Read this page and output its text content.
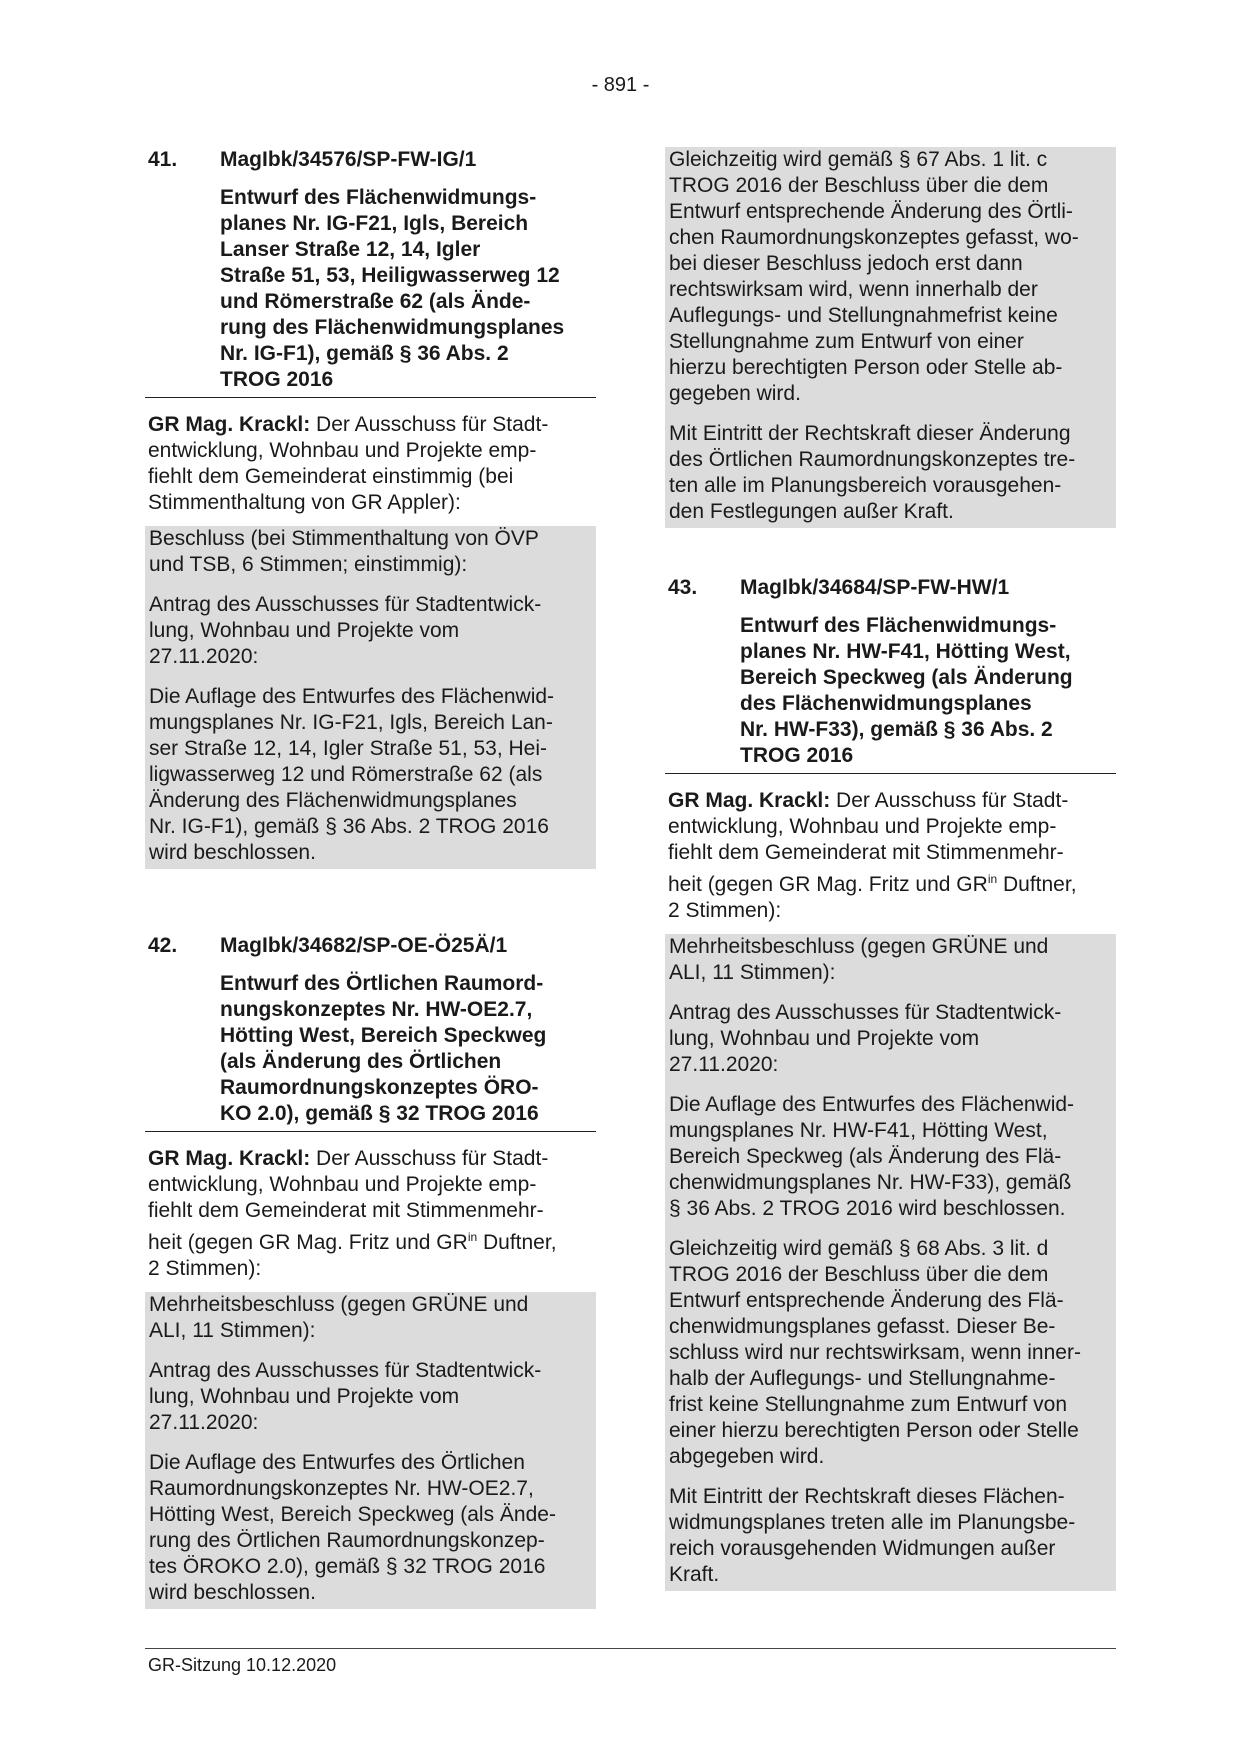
- 891 -
41. MagIbk/34576/SP-FW-IG/1
Entwurf des Flächenwidmungs-
planes Nr. IG-F21, Igls, Bereich
Lanser Straße 12, 14, Igler
Straße 51, 53, Heiligwasserweg 12
und Römerstraße 62 (als Ände-
rung des Flächenwidmungsplanes
Nr. IG-F1), gemäß § 36 Abs. 2
TROG 2016

GR Mag. Krackl: Der Ausschuss für Stadt-
entwicklung, Wohnbau und Projekte emp-
fiehlt dem Gemeinderat einstimmig (bei
Stimmenthaltung von GR Appler):

Beschluss (bei Stimmenthaltung von ÖVP
und TSB, 6 Stimmen; einstimmig):

Antrag des Ausschusses für Stadtentwick-
lung, Wohnbau und Projekte vom
27.11.2020:

Die Auflage des Entwurfes des Flächenwid-
mungsplanes Nr. IG-F21, Igls, Bereich Lan-
ser Straße 12, 14, Igler Straße 51, 53, Hei-
ligwasserweg 12 und Römerstraße 62 (als
Änderung des Flächenwidmungsplanes
Nr. IG-F1), gemäß § 36 Abs. 2 TROG 2016
wird beschlossen.

42. MagIbk/34682/SP-OE-Ö25Ä/1
Entwurf des Örtlichen Raumord-
nungskonzeptes Nr. HW-OE2.7,
Hötting West, Bereich Speckweg
(als Änderung des Örtlichen
Raumordnungskonzeptes ÖRO-
KO 2.0), gemäß § 32 TROG 2016

GR Mag. Krackl: Der Ausschuss für Stadt-
entwicklung, Wohnbau und Projekte emp-
fiehlt dem Gemeinderat mit Stimmenmehr-
heit (gegen GR Mag. Fritz und $GR^{in}$ Duftner,
2 Stimmen):

Mehrheitsbeschluss (gegen GRÜNE und
ALI, 11 Stimmen):

Antrag des Ausschusses für Stadtentwick-
lung, Wohnbau und Projekte vom
27.11.2020:

Die Auflage des Entwurfes des Örtlichen
Raumordnungskonzeptes Nr. HW-OE2.7,
Hötting West, Bereich Speckweg (als Ände-
rung des Örtlichen Raumordnungskonzep-
tes ÖROKO 2.0), gemäß § 32 TROG 2016
wird beschlossen.

Gleichzeitig wird gemäß § 67 Abs. 1 lit. c
TROG 2016 der Beschluss über die dem
Entwurf entsprechende Änderung des Örtli-
chen Raumordnungskonzeptes gefasst, wo-
bei dieser Beschluss jedoch erst dann
rechtswirksam wird, wenn innerhalb der
Auflegungs- und Stellungnahmefrist keine
Stellungnahme zum Entwurf von einer
hierzu berechtigten Person oder Stelle ab-
gegeben wird.

Mit Eintritt der Rechtskraft dieser Änderung
des Örtlichen Raumordnungskonzeptes tre-
ten alle im Planungsbereich vorausgehen-
den Festlegungen außer Kraft.

43. MagIbk/34684/SP-FW-HW/1
Entwurf des Flächenwidmungs-
planes Nr. HW-F41, Hötting West,
Bereich Speckweg (als Änderung
des Flächenwidmungsplanes
Nr. HW-F33), gemäß § 36 Abs. 2
TROG 2016

GR Mag. Krackl: Der Ausschuss für Stadt-
entwicklung, Wohnbau und Projekte emp-
fiehlt dem Gemeinderat mit Stimmenmehr-
heit (gegen GR Mag. Fritz und $GR^{in}$ Duftner,
2 Stimmen):

Mehrheitsbeschluss (gegen GRÜNE und
ALI, 11 Stimmen):

Antrag des Ausschusses für Stadtentwick-
lung, Wohnbau und Projekte vom
27.11.2020:

Die Auflage des Entwurfes des Flächenwid-
mungsplanes Nr. HW-F41, Hötting West,
Bereich Speckweg (als Änderung des Flä-
chenwidmungsplanes Nr. HW-F33), gemäß
§ 36 Abs. 2 TROG 2016 wird beschlossen.

Gleichzeitig wird gemäß § 68 Abs. 3 lit. d
TROG 2016 der Beschluss über die dem
Entwurf entsprechende Änderung des Flä-
chenwidmungsplanes gefasst. Dieser Be-
schluss wird nur rechtswirksam, wenn inner-
halb der Auflegungs- und Stellungnahme-
frist keine Stellungnahme zum Entwurf von
einer hierzu berechtigten Person oder Stelle
abgegeben wird.

Mit Eintritt der Rechtskraft dieses Flächen-
widmungsplanes treten alle im Planungsbe-
reich vorausgehenden Widmungen außer
Kraft.

GR-Sitzung 10.12.2020
